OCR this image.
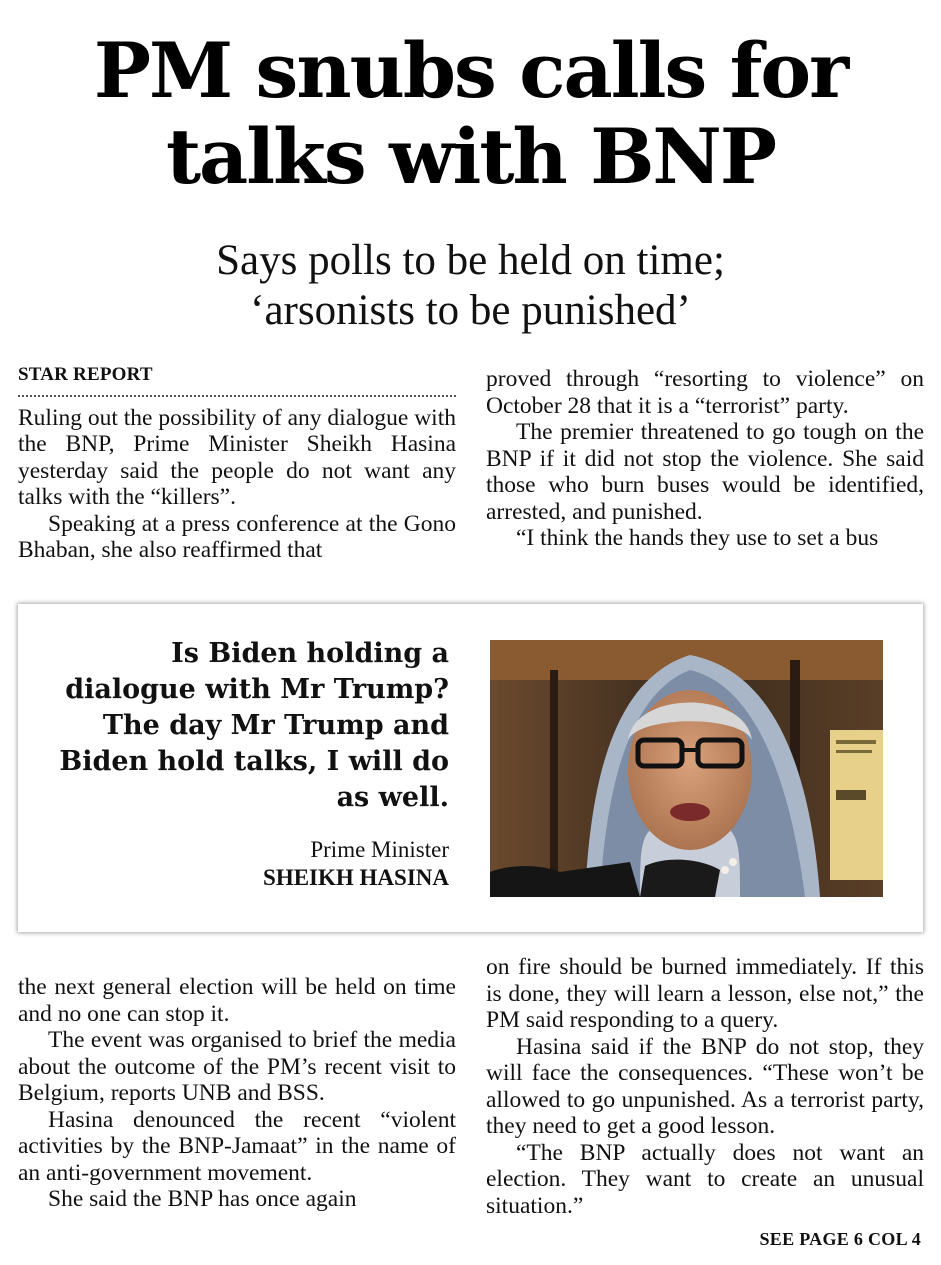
PM snubs calls for
talks with BNP
Says polls to be held on time;
‘arsonists to be punished’
STAR REPORT

Ruling out the possibility of any dialogue with the BNP, Prime Minister Sheikh Hasina yesterday said the people do not want any talks with the “killers”.

Speaking at a press conference at the Gono Bhaban, she also reaffirmed that

proved through “resorting to violence” on October 28 that it is a “terrorist” party.

The premier threatened to go tough on the BNP if it did not stop the violence. She said those who burn buses would be identified, arrested, and punished.

“I think the hands they use to set a bus

Is Biden holding a dialogue with Mr Trump? The day Mr Trump and Biden hold talks, I will do as well.
Prime Minister
SHEIKH HASINA

the next general election will be held on time and no one can stop it.

The event was organised to brief the media about the outcome of the PM’s recent visit to Belgium, reports UNB and BSS.

Hasina denounced the recent “violent activities by the BNP-Jamaat” in the name of an anti-government movement.

She said the BNP has once again

on fire should be burned immediately. If this is done, they will learn a lesson, else not,” the PM said responding to a query.

Hasina said if the BNP do not stop, they will face the consequences. “These won’t be allowed to go unpunished. As a terrorist party, they need to get a good lesson.

“The BNP actually does not want an election. They want to create an unusual situation.”

SEE PAGE 6 COL 4
